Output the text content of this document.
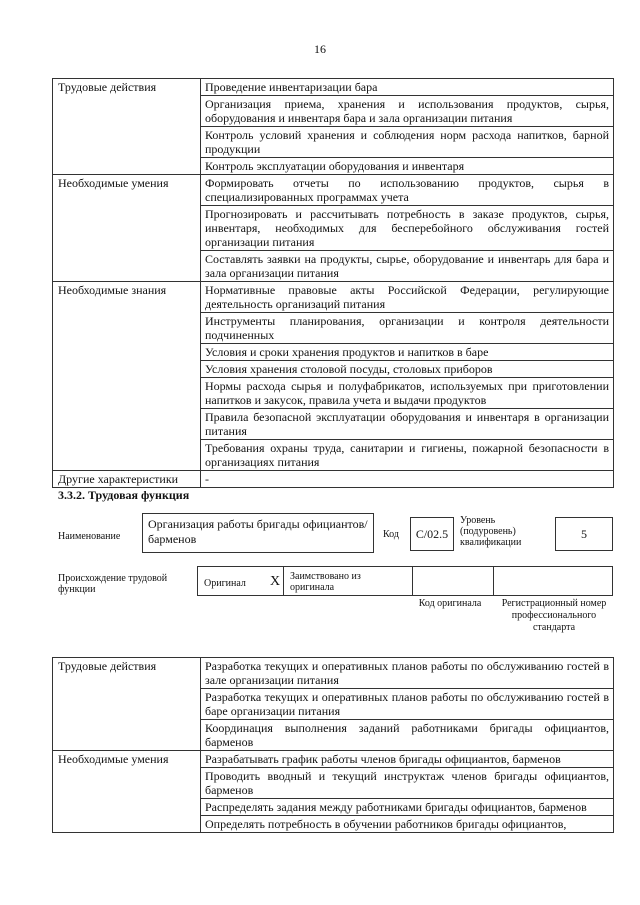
16
Трудовые действия	Проведение инвентаризации бара
	Организация приема, хранения и использования продуктов, сырья, оборудования и инвентаря бара и зала организации питания
	Контроль условий хранения и соблюдения норм расхода напитков, барной продукции
	Контроль эксплуатации оборудования и инвентаря
Необходимые умения	Формировать отчеты по использованию продуктов, сырья в специализированных программах учета
	Прогнозировать и рассчитывать потребность в заказе продуктов, сырья, инвентаря, необходимых для бесперебойного обслуживания гостей организации питания
	Составлять заявки на продукты, сырье, оборудование и инвентарь для бара и зала организации питания
Необходимые знания	Нормативные правовые акты Российской Федерации, регулирующие деятельность организаций питания
	Инструменты планирования, организации и контроля деятельности подчиненных
	Условия и сроки хранения продуктов и напитков в баре
	Условия хранения столовой посуды, столовых приборов
	Нормы расхода сырья и полуфабрикатов, используемых при приготовлении напитков и закусок, правила учета и выдачи продуктов
	Правила безопасной эксплуатации оборудования и инвентаря в организации питания
	Требования охраны труда, санитарии и гигиены, пожарной безопасности в организациях питания
Другие характеристики	-
3.3.2. Трудовая функция
Наименование
Организация работы бригады официантов/барменов	Код	С/02.5
Уровень (подуровень) квалификации
5
Происхождение трудовой функции
Оригинал X Заимствовано из оригинала
Код оригинала	Регистрационный номер профессионального стандарта
Трудовые действия	Разработка текущих и оперативных планов работы по обслуживанию гостей в зале организации питания
	Разработка текущих и оперативных планов работы по обслуживанию гостей в баре организации питания
	Координация выполнения заданий работниками бригады официантов, барменов
Необходимые умения	Разрабатывать график работы членов бригады официантов, барменов
	Проводить вводный и текущий инструктаж членов бригады официантов, барменов
	Распределять задания между работниками бригады официантов, барменов
	Определять потребность в обучении работников бригады официантов,
